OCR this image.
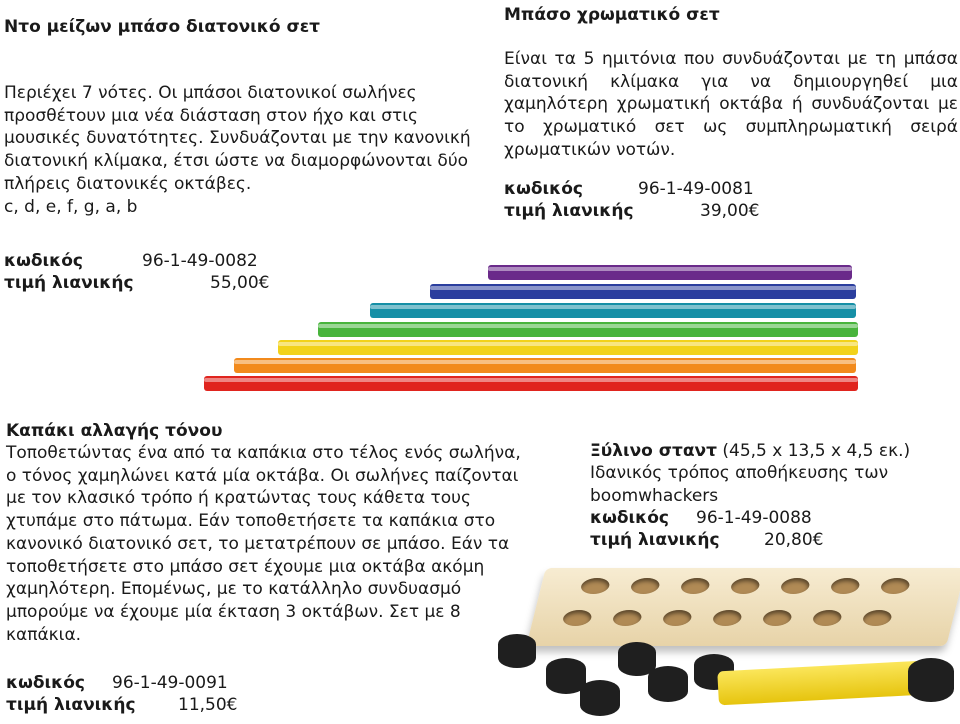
Ντο μείζων μπάσο διατονικό σετ

Περιέχει 7 νότες. Οι μπάσοι διατονικοί σωλήνες προσθέτουν μια νέα διάσταση στον ήχο και στις μουσικές δυνατότητες. Συνδυάζονται με την κανονική διατονική κλίμακα, έτσι ώστε να διαμορφώνονται δύο πλήρεις διατονικές οκτάβες.

c, d, e, f, g, a, b

κωδικός	96-1-49-0082
τιμή λιανικής	55,00€
Μπάσο χρωματικό σετ

Είναι τα 5 ημιτόνια που συνδυάζονται με τη μπάσα διατονική κλίμακα για να δημιουργηθεί μια χαμηλότερη χρωματική οκτάβα ή συνδυάζονται με το χρωματικό σετ ως συμπληρωματική σειρά χρωματικών νοτών.

κωδικός	96-1-49-0081
τιμή λιανικής	39,00€
Καπάκι αλλαγής τόνου

Τοποθετώντας ένα από τα καπάκια στο τέλος ενός σωλήνα, ο τόνος χαμηλώνει κατά μία οκτάβα. Οι σωλήνες παίζονται με τον κλασικό τρόπο ή κρατώντας τους κάθετα τους χτυπάμε στο πάτωμα. Εάν τοποθετήσετε τα καπάκια στο κανονικό διατονικό σετ, το μετατρέπουν σε μπάσο. Εάν τα τοποθετήσετε στο μπάσο σετ έχουμε μια οκτάβα ακόμη χαμηλότερη. Επομένως, με το κατάλληλο συνδυασμό μπορούμε να έχουμε μία έκταση 3 οκτάβων. Σετ με 8 καπάκια.

κωδικός 96-1-49-0091
τιμή λιανικής 11,50€
Ξύλινο σταντ (45,5 x 13,5 x 4,5 εκ.)

Ιδανικός τρόπος αποθήκευσης των boomwhackers

κωδικός 96-1-49-0088
τιμή λιανικής	20,80€
